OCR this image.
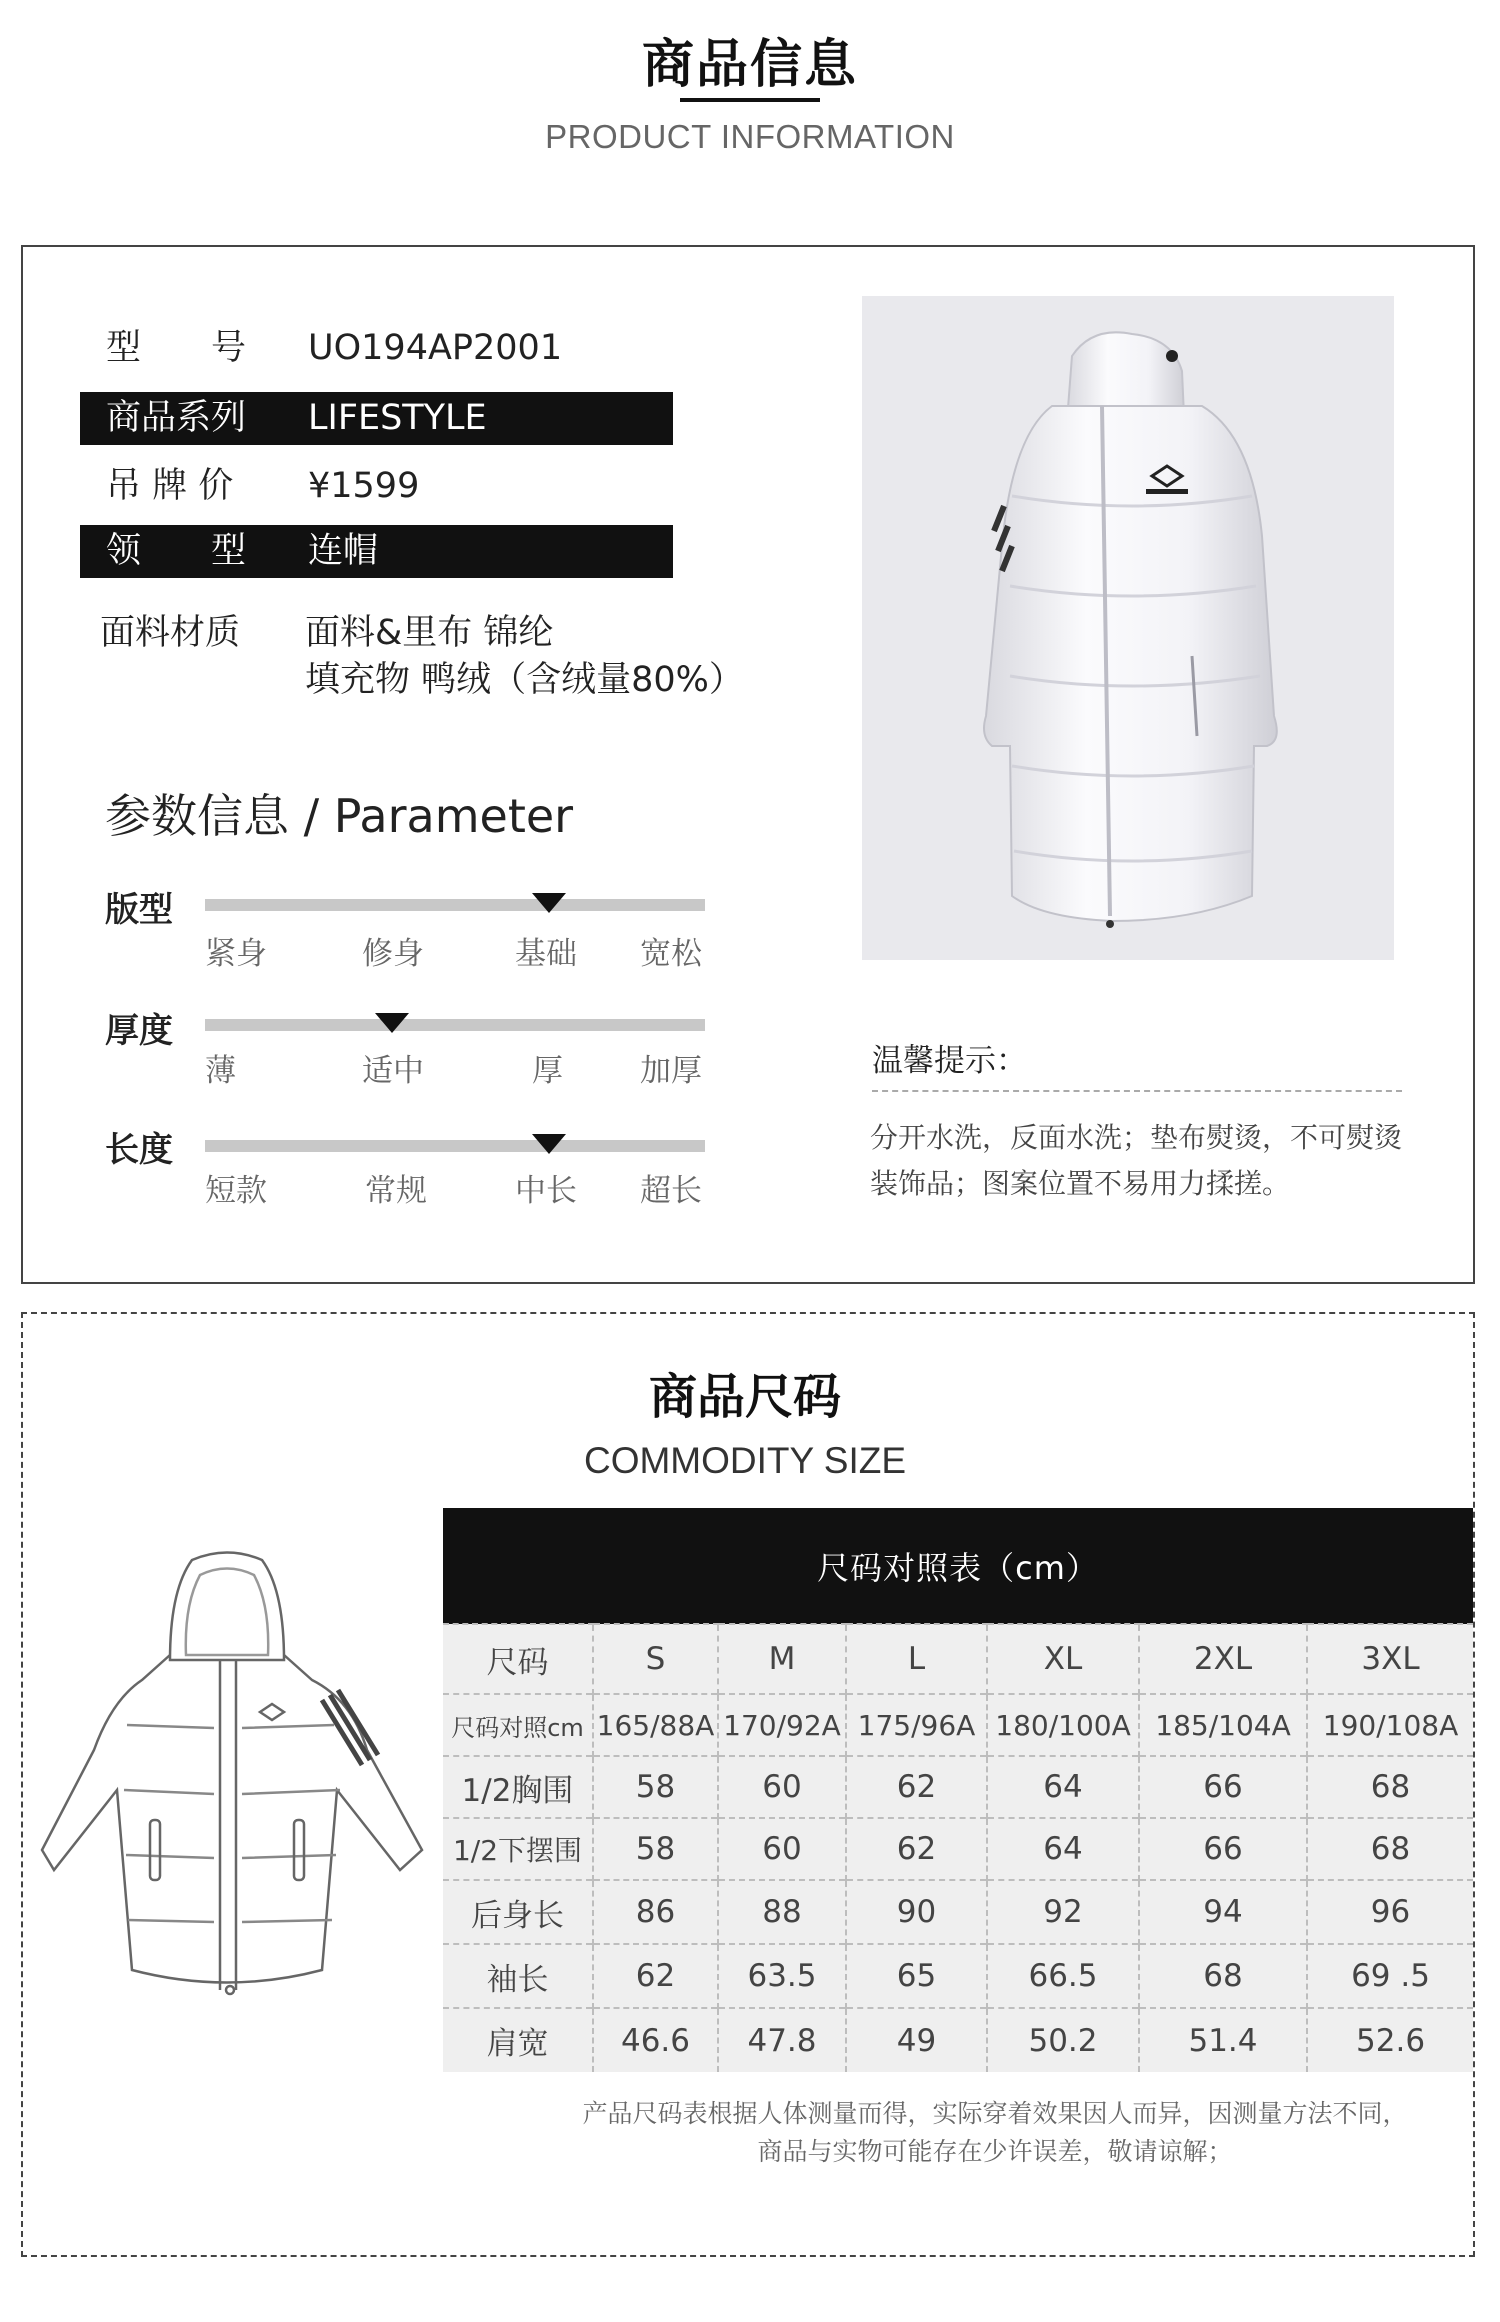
商品信息
PRODUCT INFORMATION
型　　号 UO194AP2001
商品系列 LIFESTYLE
吊 牌 价 ¥1599
领　　型 连帽
面料材质 面料&里布 锦纶
填充物 鸭绒（含绒量80%）
参数信息 / Parameter
版型
紧身	修身	基础 宽松
厚度
薄	适中	厚 加厚
长度
短款	常规	中长 超长
温馨提示：
分开水洗，反面水洗；垫布熨烫，不可熨烫装饰品；图案位置不易用力揉搓。
商品尺码
COMMODITY SIZE
尺码对照表（cm）						
尺码	S	M	L	XL	2XL	3XL
尺码对照cm	165/88A	170/92A	175/96A	180/100A	185/104A	190/108A
1/2胸围	58	60	62	64	66	68
1/2下摆围	58	60	62	64	66	68
后身长	86	88	90	92	94	96
袖长	62	63.5	65	66.5	68	69 .5
肩宽	46.6	47.8	49	50.2	51.4	52.6
产品尺码表根据人体测量而得，实际穿着效果因人而异，因测量方法不同，
商品与实物可能存在少许误差，敬请谅解；
